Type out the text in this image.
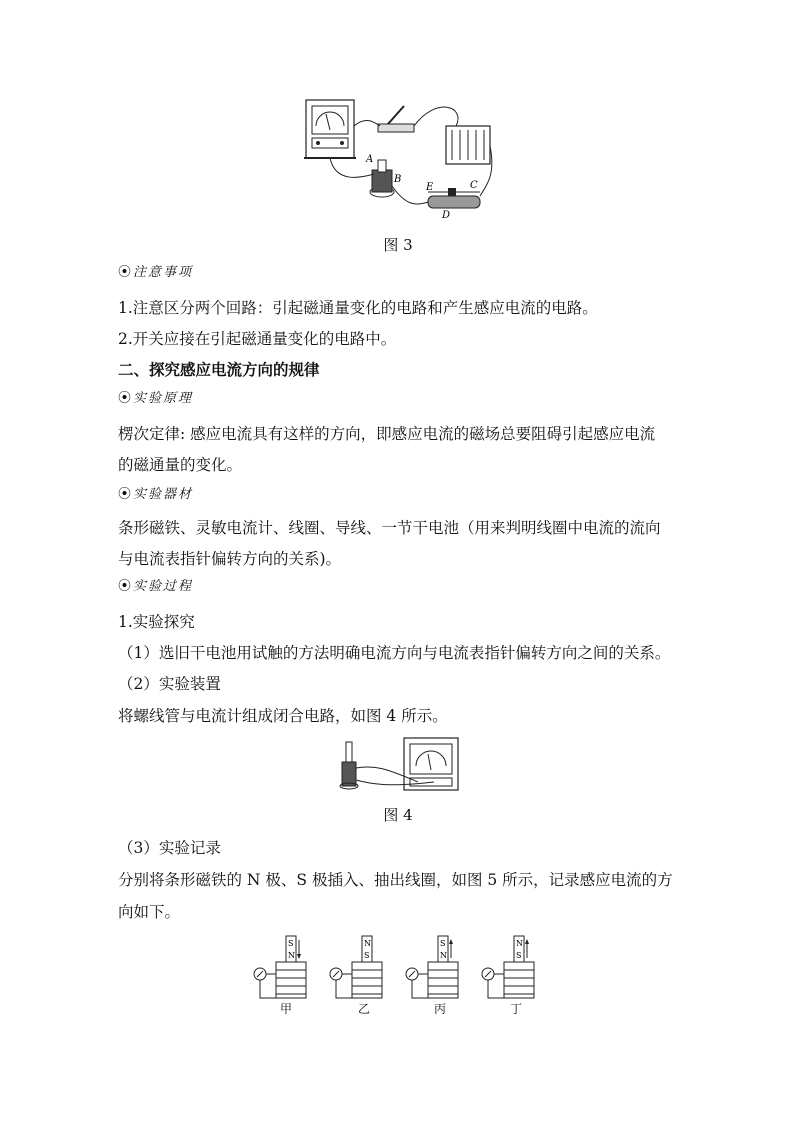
A
B
C
D
E
图 3
⦿注意事项
1.注意区分两个回路：引起磁通量变化的电路和产生感应电流的电路。
2.开关应接在引起磁通量变化的电路中。
二、探究感应电流方向的规律
⦿实验原理
楞次定律: 感应电流具有这样的方向，即感应电流的磁场总要阻碍引起感应电流
的磁通量的变化。
⦿实验器材
条形磁铁、灵敏电流计、线圈、导线、一节干电池（用来判明线圈中电流的流向
与电流表指针偏转方向的关系)。
⦿实验过程
1.实验探究
（1）选旧干电池用试触的方法明确电流方向与电流表指针偏转方向之间的关系。
（2）实验装置
将螺线管与电流计组成闭合电路，如图 4 所示。
图 4
（3）实验记录
分别将条形磁铁的 N 极、S 极插入、抽出线圈，如图 5 所示，记录感应电流的方
向如下。
S
N
甲
N
S
乙
S
N
丙
N
S
丁
